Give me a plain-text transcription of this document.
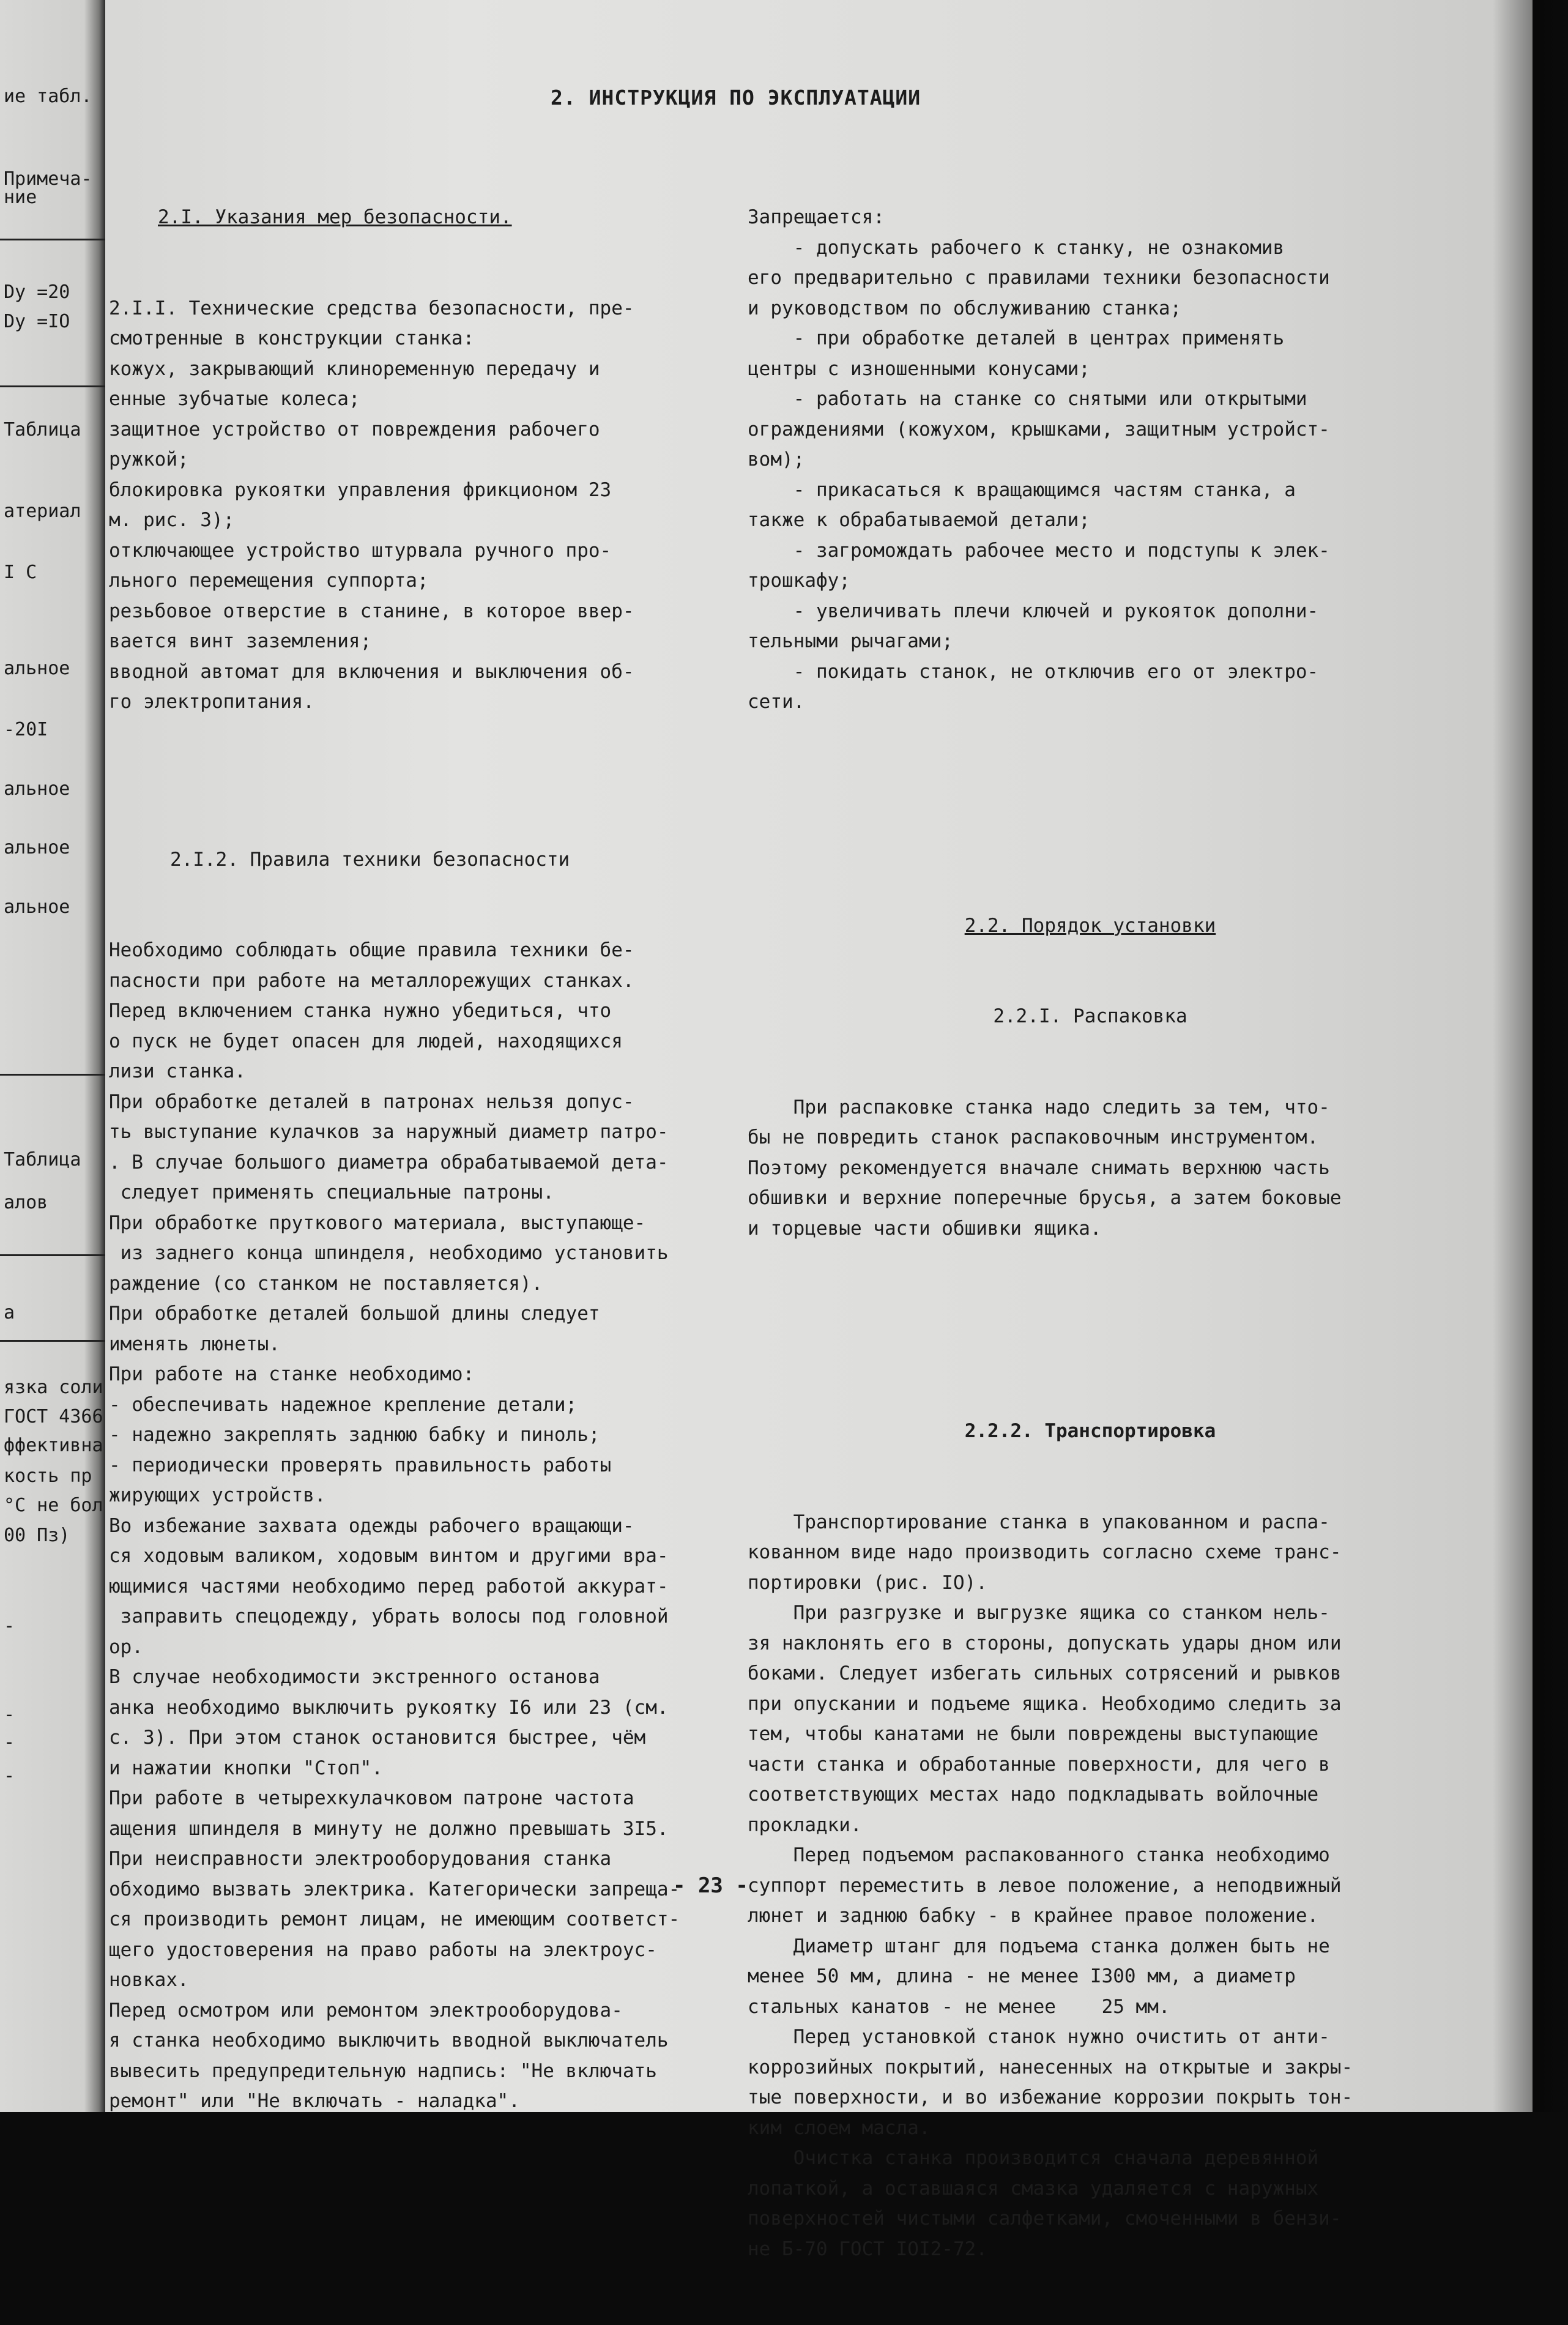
ие табл.
Примеча-
ние
Dy =20
Dy =IO
Таблица
атериал
I C
альное
-20I
альное
альное
альное
Таблица
алов
а
язка соли
ГОСТ 4366
ффективна
кость пр
°С не бол
00 Пз)
-
-
-
-
2. ИНСТРУКЦИЯ ПО ЭКСПЛУАТАЦИИ

2.I. Указания мер безопасности.

2.I.I. Технические средства безопасности, пре-
смотренные в конструкции станка:
кожух, закрывающий клиноременную передачу и
енные зубчатые колеса;
защитное устройство от повреждения рабочего
ружкой;
блокировка рукоятки управления фрикционом 23
м. рис. 3);
отключающее устройство штурвала ручного про-
льного перемещения суппорта;
резьбовое отверстие в станине, в которое ввер-
вается винт заземления;
вводной автомат для включения и выключения об-
го электропитания.

2.I.2. Правила техники безопасности

Необходимо соблюдать общие правила техники бе-
пасности при работе на металлорежущих станках.
Перед включением станка нужно убедиться, что
о пуск не будет опасен для людей, находящихся
лизи станка.
При обработке деталей в патронах нельзя допус-
ть выступание кулачков за наружный диаметр патро-
. В случае большого диаметра обрабатываемой дета-
следует применять специальные патроны.
При обработке пруткового материала, выступающе-
из заднего конца шпинделя, необходимо установить
раждение (со станком не поставляется).
При обработке деталей большой длины следует
именять люнеты.
При работе на станке необходимо:
- обеспечивать надежное крепление детали;
- надежно закреплять заднюю бабку и пиноль;
- периодически проверять правильность работы
жирующих устройств.
Во избежание захвата одежды рабочего вращающи-
ся ходовым валиком, ходовым винтом и другими вра-
ющимися частями необходимо перед работой аккурат-
заправить спецодежду, убрать волосы под головной
ор.
В случае необходимости экстренного останова
анка необходимо выключить рукоятку I6 или 23 (см.
с. 3). При этом станок остановится быстрее, чём
и нажатии кнопки "Стоп".
При работе в четырехкулачковом патроне частота
ащения шпинделя в минуту не должно превышать 3I5.
При неисправности электрооборудования станка
обходимо вызвать электрика. Категорически запреща-
ся производить ремонт лицам, не имеющим соответст-
щего удостоверения на право работы на электроус-
новках.
Перед осмотром или ремонтом электрооборудова-
я станка необходимо выключить вводной выключатель
вывесить предупредительную надпись: "Не включать
ремонт" или "Не включать - наладка".

Запрещается:
- допускать рабочего к станку, не ознакомив
его предварительно с правилами техники безопасности
и руководством по обслуживанию станка;
- при обработке деталей в центрах применять
центры с изношенными конусами;
- работать на станке со снятыми или открытыми
ограждениями (кожухом, крышками, защитным устройст-
вом);
- прикасаться к вращающимся частям станка, а
также к обрабатываемой детали;
- загромождать рабочее место и подступы к элек-
трошкафу;
- увеличивать плечи ключей и рукояток дополни-
тельными рычагами;
- покидать станок, не отключив его от электро-
сети.

2.2. Порядок установки

2.2.I. Распаковка

При распаковке станка надо следить за тем, что-
бы не повредить станок распаковочным инструментом.
Поэтому рекомендуется вначале снимать верхнюю часть
обшивки и верхние поперечные брусья, а затем боковые
и торцевые части обшивки ящика.

2.2.2. Транспортировка

Транспортирование станка в упакованном и распа-
кованном виде надо производить согласно схеме транс-
портировки (рис. IO).
При разгрузке и выгрузке ящика со станком нель-
зя наклонять его в стороны, допускать удары дном или
боками. Следует избегать сильных сотрясений и рывков
при опускании и подъеме ящика. Необходимо следить за
тем, чтобы канатами не были повреждены выступающие
части станка и обработанные поверхности, для чего в
соответствующих местах надо подкладывать войлочные
прокладки.
Перед подъемом распакованного станка необходимо
суппорт переместить в левое положение, а неподвижный
люнет и заднюю бабку - в крайнее правое положение.
Диаметр штанг для подъема станка должен быть не
менее 50 мм, длина - не менее I300 мм, а диаметр
стальных канатов - не менее    25 мм.
Перед установкой станок нужно очистить от анти-
коррозийных покрытий, нанесенных на открытые и закры-
тые поверхности, и во избежание коррозии покрыть тон-
ким слоем масла.
Очистка станка производится сначала деревянной
лопаткой, а оставшаяся смазка удаляется с наружных
поверхностей чистыми салфетками, смоченными в бензи-
не Б-70 ГОСТ IOI2-72.

- 23 -
